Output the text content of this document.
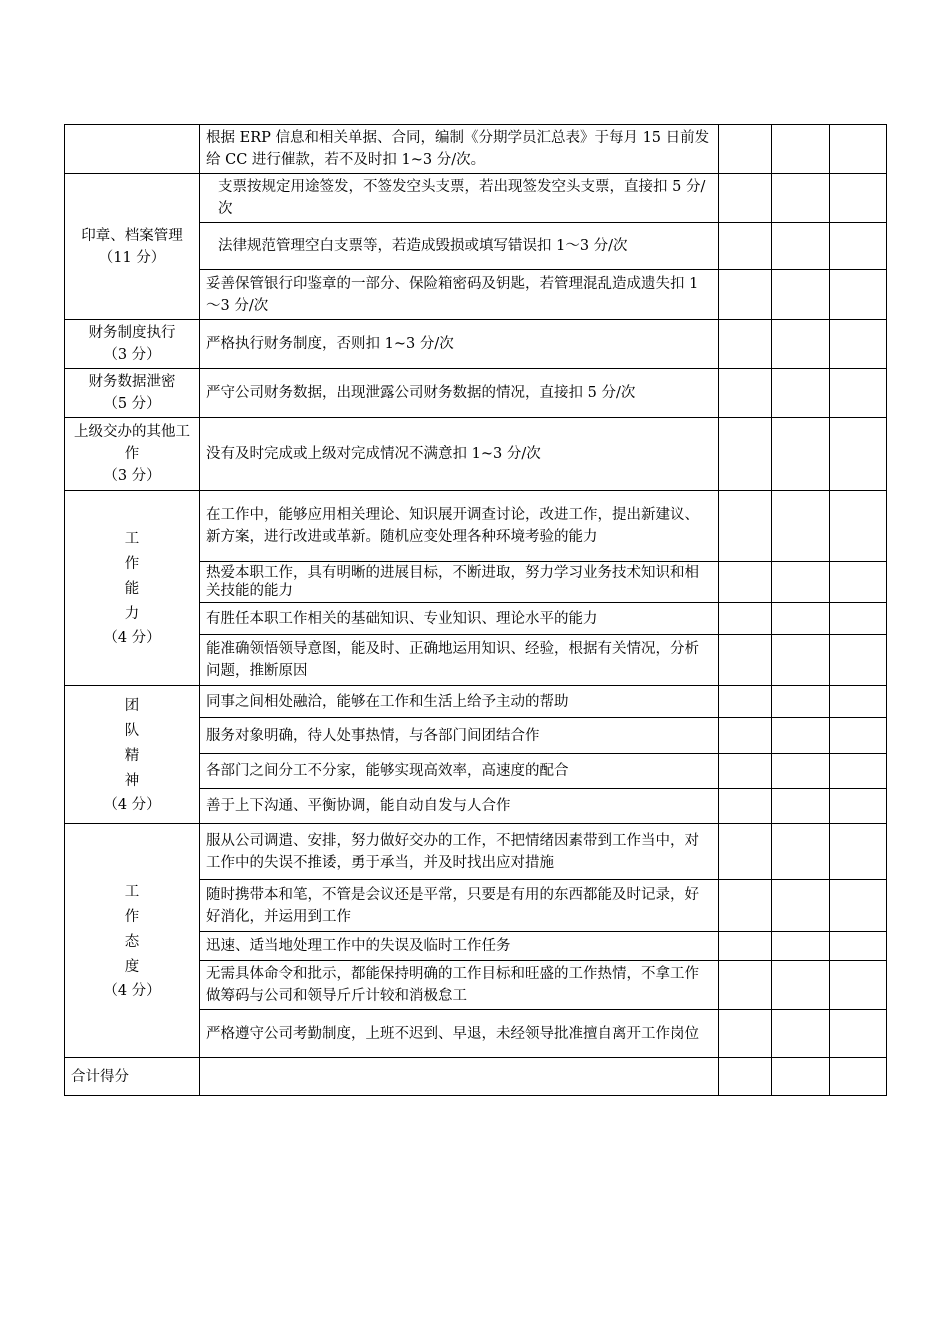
	根据 ERP 信息和相关单据、合同，编制《分期学员汇总表》于每月 15 日前发给 CC 进行催款，若不及时扣 1~3 分/次。			

印章、档案管理
（11 分）	支票按规定用途签发，不签发空头支票，若出现签发空头支票，直接扣 5 分/次			
	法律规范管理空白支票等，若造成毁损或填写错误扣 1～3 分/次			
	妥善保管银行印鉴章的一部分、保险箱密码及钥匙，若管理混乱造成遗失扣 1～3 分/次			

财务制度执行
（3 分）	严格执行财务制度，否则扣 1~3 分/次			

财务数据泄密
（5 分）	严守公司财务数据，出现泄露公司财务数据的情况，直接扣 5 分/次			

上级交办的其他工作
（3 分）	没有及时完成或上级对完成情况不满意扣 1~3 分/次			

工
作
能
力
（4 分）	在工作中，能够应用相关理论、知识展开调查讨论，改进工作，提出新建议、新方案，进行改进或革新。随机应变处理各种环境考验的能力			
	热爱本职工作，具有明晰的进展目标，不断进取，努力学习业务技术知识和相关技能的能力			
	有胜任本职工作相关的基础知识、专业知识、理论水平的能力			
	能准确领悟领导意图，能及时、正确地运用知识、经验，根据有关情况，分析问题，推断原因			

团
队
精
神
（4 分）	同事之间相处融洽，能够在工作和生活上给予主动的帮助			
	服务对象明确，待人处事热情，与各部门间团结合作			
	各部门之间分工不分家，能够实现高效率，高速度的配合			
	善于上下沟通、平衡协调，能自动自发与人合作			

工
作
态
度
（4 分）	服从公司调遣、安排，努力做好交办的工作，不把情绪因素带到工作当中，对工作中的失误不推诿，勇于承当，并及时找出应对措施			
	随时携带本和笔，不管是会议还是平常，只要是有用的东西都能及时记录，好好消化，并运用到工作			
	迅速、适当地处理工作中的失误及临时工作任务			
	无需具体命令和批示，都能保持明确的工作目标和旺盛的工作热情，不拿工作做筹码与公司和领导斤斤计较和消极怠工			
	严格遵守公司考勤制度，上班不迟到、早退，未经领导批准擅自离开工作岗位			
合计得分				
